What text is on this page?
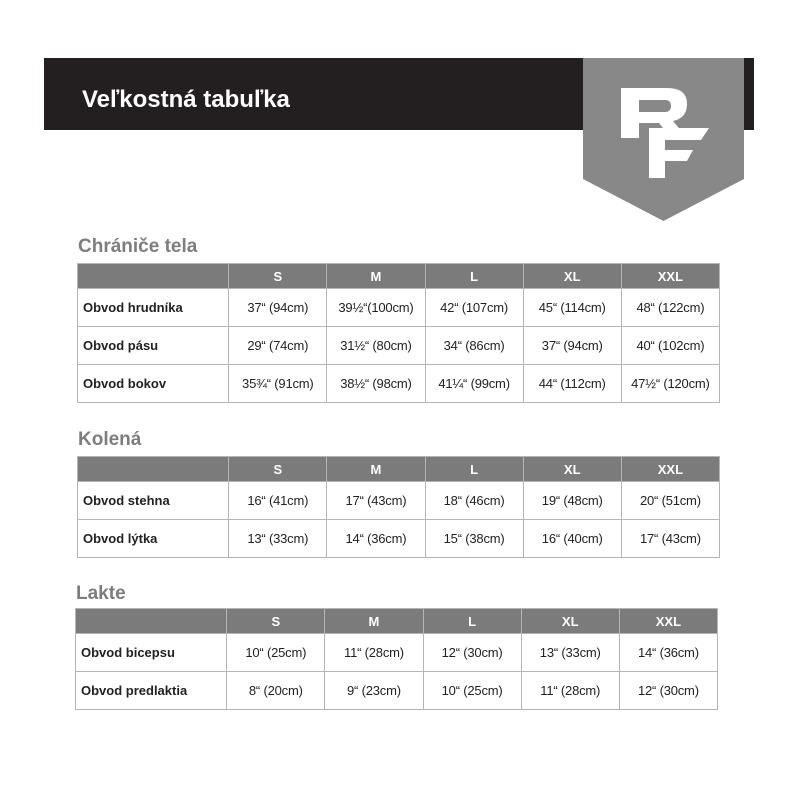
Veľkostná tabuľka
Chrániče tela
	S	M	L	XL	XXL
Obvod hrudníka	37“ (94cm)	39½“(100cm)	42“ (107cm)	45“ (114cm)	48“ (122cm)
Obvod pásu	29“ (74cm)	31½“ (80cm)	34“ (86cm)	37“ (94cm)	40“ (102cm)
Obvod bokov	35¾“ (91cm)	38½“ (98cm)	41¼“ (99cm)	44“ (112cm)	47½“ (120cm)
Kolená
	S	M	L	XL	XXL
Obvod stehna	16“ (41cm)	17“ (43cm)	18“ (46cm)	19“ (48cm)	20“ (51cm)
Obvod lýtka	13“ (33cm)	14“ (36cm)	15“ (38cm)	16“ (40cm)	17“ (43cm)
Lakte
	S	M	L	XL	XXL
Obvod bicepsu	10“ (25cm)	11“ (28cm)	12“ (30cm)	13“ (33cm)	14“ (36cm)
Obvod predlaktia	8“ (20cm)	9“ (23cm)	10“ (25cm)	11“ (28cm)	12“ (30cm)
